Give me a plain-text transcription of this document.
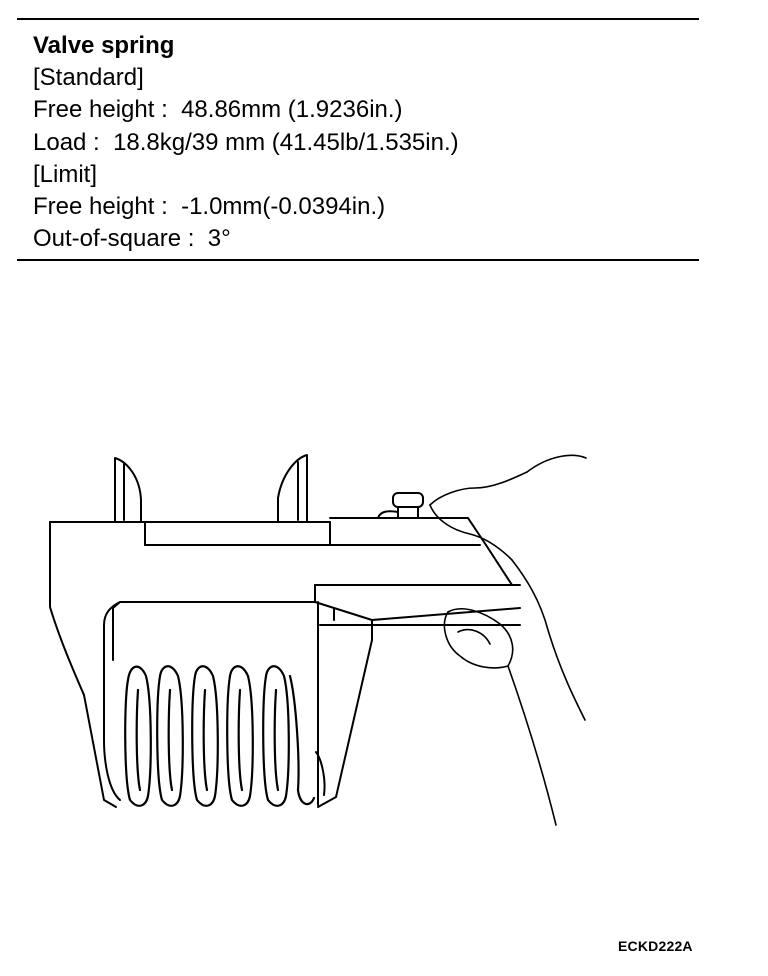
Valve spring
[Standard]
Free height :  48.86mm (1.9236in.)
Load :  18.8kg/39 mm (41.45lb/1.535in.)
[Limit]
Free height :  -1.0mm(-0.0394in.)
Out-of-square :  3°
ECKD222A
